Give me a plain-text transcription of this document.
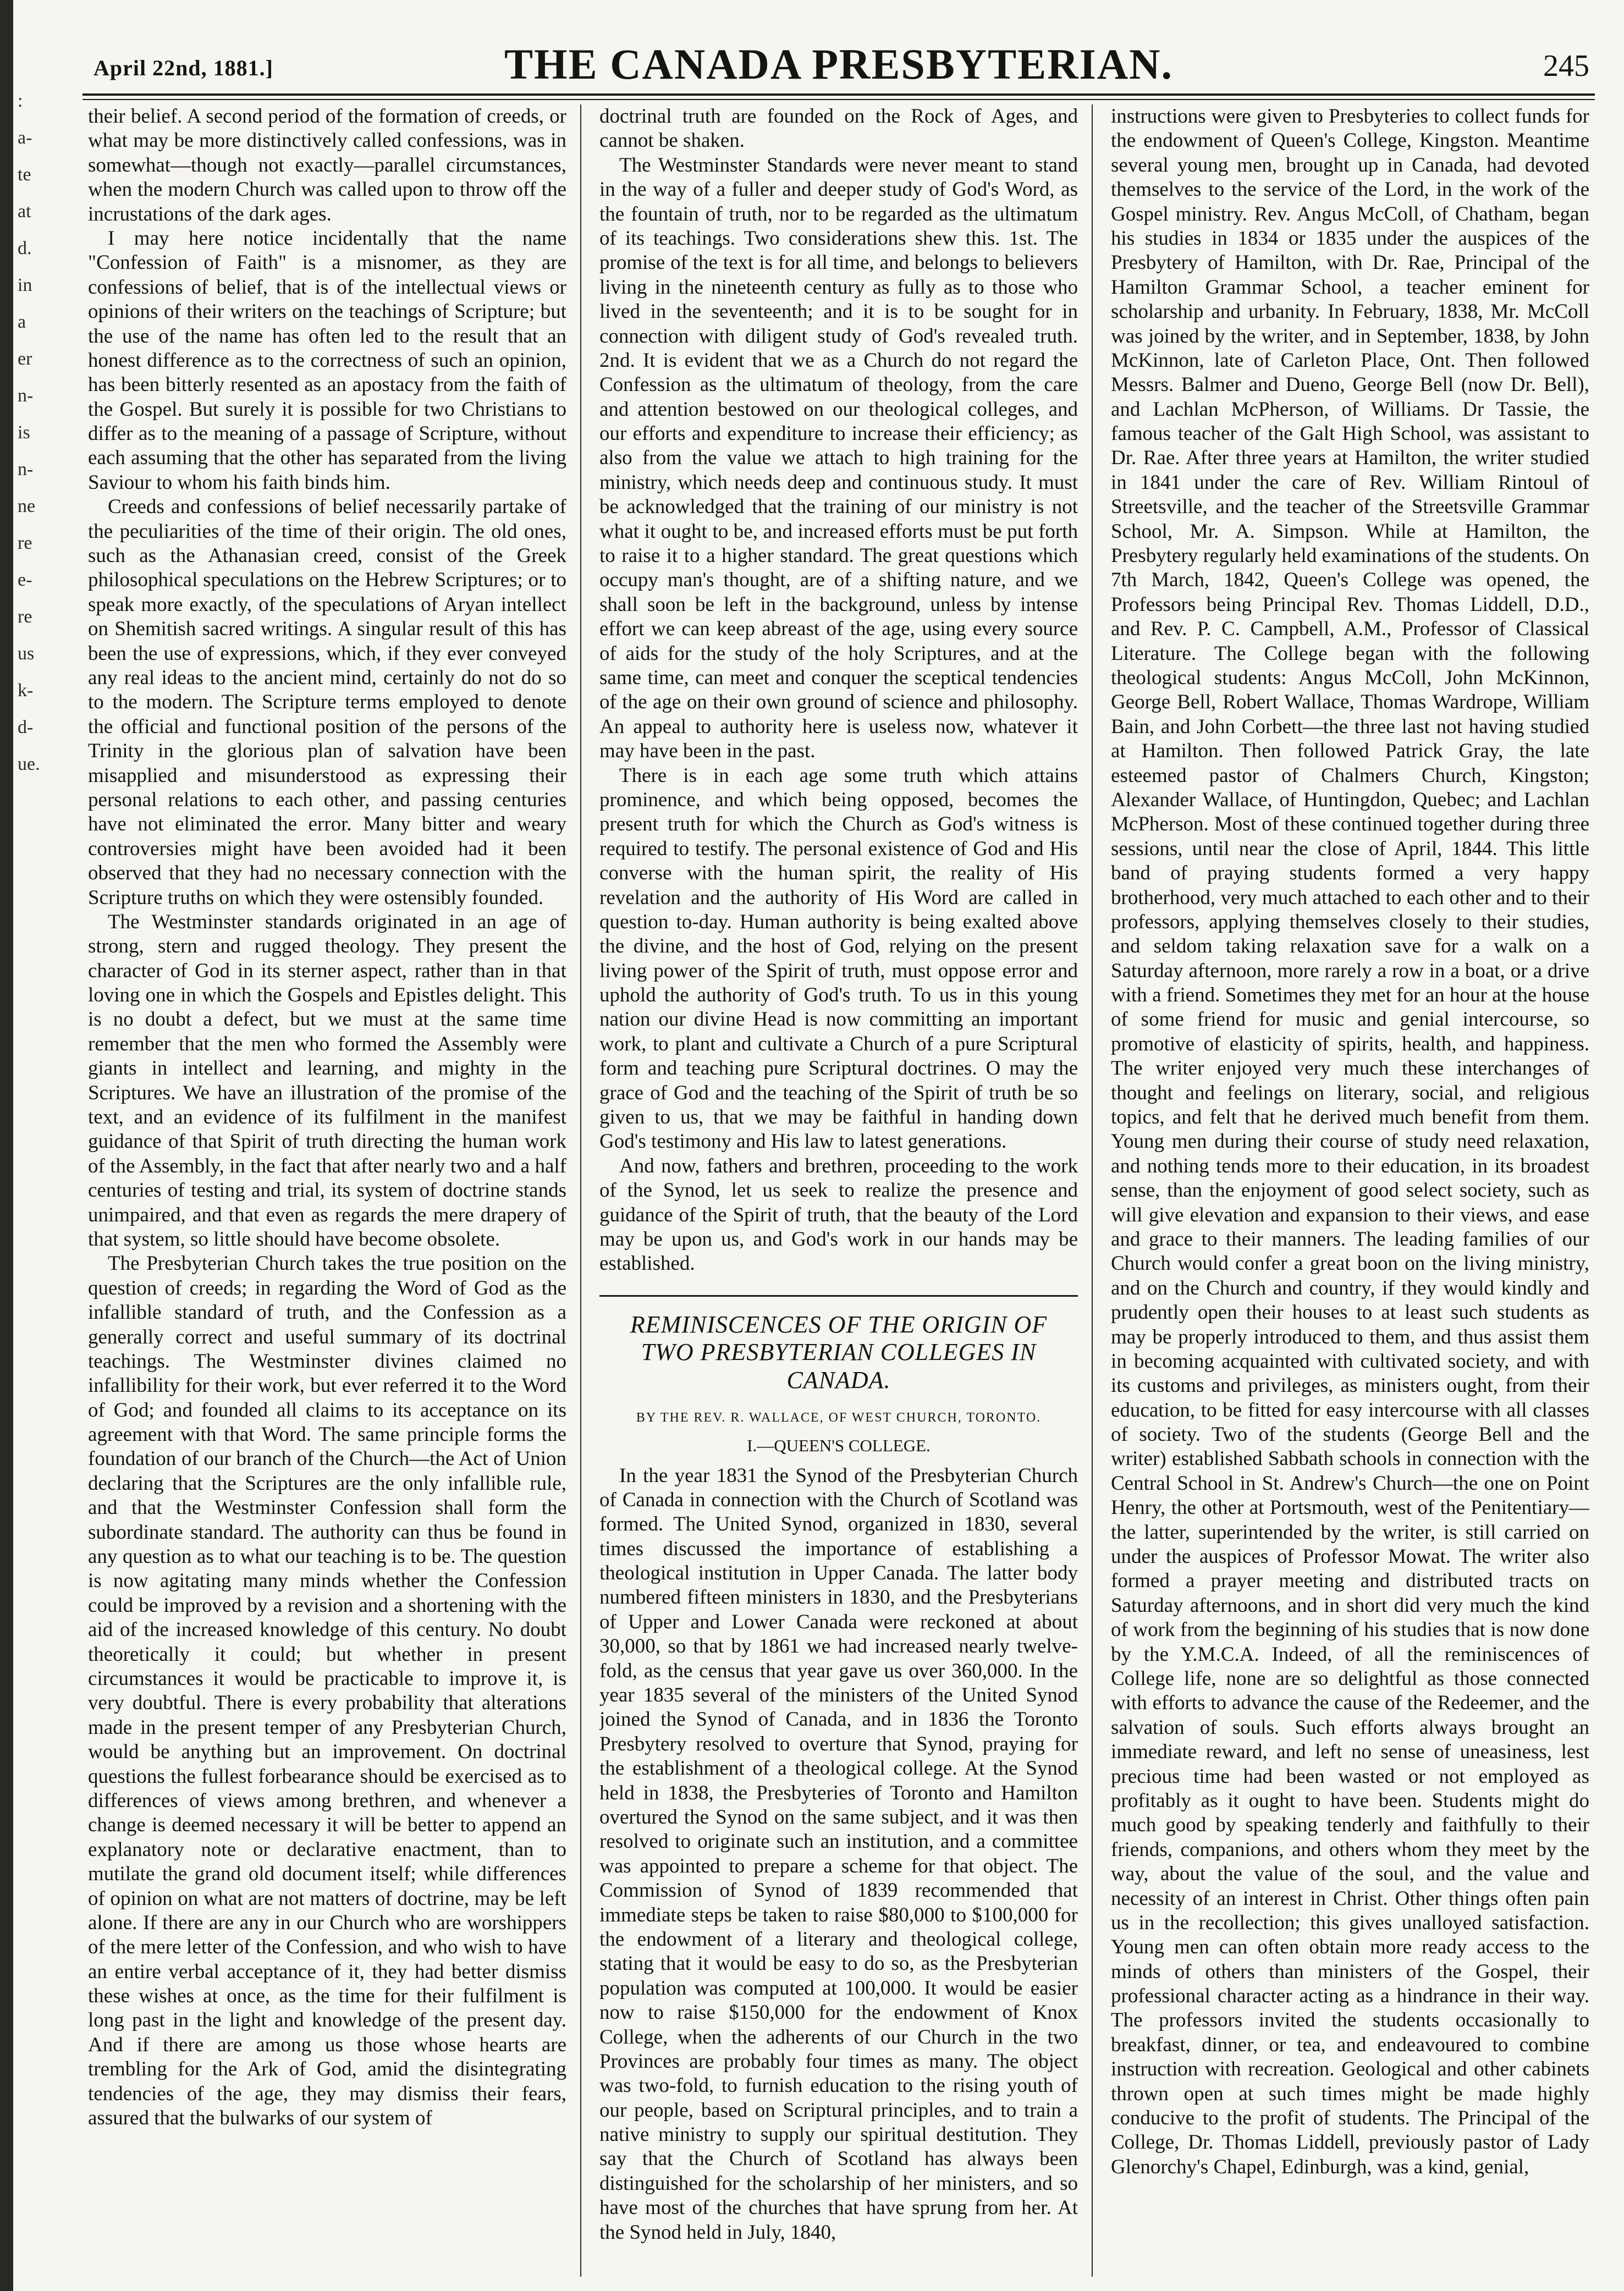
:
a-
te
at
d.
in
a
er
n-
is
n-
ne
re
e-
re
us
k-
d-
ue.
April 22nd, 1881.]	THE CANADA PRESBYTERIAN.	245

their belief. A second period of the formation of creeds, or what may be more distinctively called confessions, was in somewhat—though not exactly—parallel circumstances, when the modern Church was called upon to throw off the incrustations of the dark ages.

I may here notice incidentally that the name "Confession of Faith" is a misnomer, as they are confessions of belief, that is of the intellectual views or opinions of their writers on the teachings of Scripture; but the use of the name has often led to the result that an honest difference as to the correctness of such an opinion, has been bitterly resented as an apostacy from the faith of the Gospel. But surely it is possible for two Christians to differ as to the meaning of a passage of Scripture, without each assuming that the other has separated from the living Saviour to whom his faith binds him.

Creeds and confessions of belief necessarily partake of the peculiarities of the time of their origin. The old ones, such as the Athanasian creed, consist of the Greek philosophical speculations on the Hebrew Scriptures; or to speak more exactly, of the speculations of Aryan intellect on Shemitish sacred writings. A singular result of this has been the use of expressions, which, if they ever conveyed any real ideas to the ancient mind, certainly do not do so to the modern. The Scripture terms employed to denote the official and functional position of the persons of the Trinity in the glorious plan of salvation have been misapplied and misunderstood as expressing their personal relations to each other, and passing centuries have not eliminated the error. Many bitter and weary controversies might have been avoided had it been observed that they had no necessary connection with the Scripture truths on which they were ostensibly founded.

The Westminster standards originated in an age of strong, stern and rugged theology. They present the character of God in its sterner aspect, rather than in that loving one in which the Gospels and Epistles delight. This is no doubt a defect, but we must at the same time remember that the men who formed the Assembly were giants in intellect and learning, and mighty in the Scriptures. We have an illustration of the promise of the text, and an evidence of its fulfilment in the manifest guidance of that Spirit of truth directing the human work of the Assembly, in the fact that after nearly two and a half centuries of testing and trial, its system of doctrine stands unimpaired, and that even as regards the mere drapery of that system, so little should have become obsolete.

The Presbyterian Church takes the true position on the question of creeds; in regarding the Word of God as the infallible standard of truth, and the Confession as a generally correct and useful summary of its doctrinal teachings. The Westminster divines claimed no infallibility for their work, but ever referred it to the Word of God; and founded all claims to its acceptance on its agreement with that Word. The same principle forms the foundation of our branch of the Church—the Act of Union declaring that the Scriptures are the only infallible rule, and that the Westminster Confession shall form the subordinate standard. The authority can thus be found in any question as to what our teaching is to be. The question is now agitating many minds whether the Confession could be improved by a revision and a shortening with the aid of the increased knowledge of this century. No doubt theoretically it could; but whether in present circumstances it would be practicable to improve it, is very doubtful. There is every probability that alterations made in the present temper of any Presbyterian Church, would be anything but an improvement. On doctrinal questions the fullest forbearance should be exercised as to differences of views among brethren, and whenever a change is deemed necessary it will be better to append an explanatory note or declarative enactment, than to mutilate the grand old document itself; while differences of opinion on what are not matters of doctrine, may be left alone. If there are any in our Church who are worshippers of the mere letter of the Confession, and who wish to have an entire verbal acceptance of it, they had better dismiss these wishes at once, as the time for their fulfilment is long past in the light and knowledge of the present day. And if there are among us those whose hearts are trembling for the Ark of God, amid the disintegrating tendencies of the age, they may dismiss their fears, assured that the bulwarks of our system of

doctrinal truth are founded on the Rock of Ages, and cannot be shaken.

The Westminster Standards were never meant to stand in the way of a fuller and deeper study of God's Word, as the fountain of truth, nor to be regarded as the ultimatum of its teachings. Two considerations shew this. 1st. The promise of the text is for all time, and belongs to believers living in the nineteenth century as fully as to those who lived in the seventeenth; and it is to be sought for in connection with diligent study of God's revealed truth. 2nd. It is evident that we as a Church do not regard the Confession as the ultimatum of theology, from the care and attention bestowed on our theological colleges, and our efforts and expenditure to increase their efficiency; as also from the value we attach to high training for the ministry, which needs deep and continuous study. It must be acknowledged that the training of our ministry is not what it ought to be, and increased efforts must be put forth to raise it to a higher standard. The great questions which occupy man's thought, are of a shifting nature, and we shall soon be left in the background, unless by intense effort we can keep abreast of the age, using every source of aids for the study of the holy Scriptures, and at the same time, can meet and conquer the sceptical tendencies of the age on their own ground of science and philosophy. An appeal to authority here is useless now, whatever it may have been in the past.

There is in each age some truth which attains prominence, and which being opposed, becomes the present truth for which the Church as God's witness is required to testify. The personal existence of God and His converse with the human spirit, the reality of His revelation and the authority of His Word are called in question to-day. Human authority is being exalted above the divine, and the host of God, relying on the present living power of the Spirit of truth, must oppose error and uphold the authority of God's truth. To us in this young nation our divine Head is now committing an important work, to plant and cultivate a Church of a pure Scriptural form and teaching pure Scriptural doctrines. O may the grace of God and the teaching of the Spirit of truth be so given to us, that we may be faithful in handing down God's testimony and His law to latest generations.

And now, fathers and brethren, proceeding to the work of the Synod, let us seek to realize the presence and guidance of the Spirit of truth, that the beauty of the Lord may be upon us, and God's work in our hands may be established.

REMINISCENCES OF THE ORIGIN OF TWO PRESBYTERIAN COLLEGES IN CANADA.
BY THE REV. R. WALLACE, OF WEST CHURCH, TORONTO.
I.—QUEEN'S COLLEGE.

In the year 1831 the Synod of the Presbyterian Church of Canada in connection with the Church of Scotland was formed. The United Synod, organized in 1830, several times discussed the importance of establishing a theological institution in Upper Canada. The latter body numbered fifteen ministers in 1830, and the Presbyterians of Upper and Lower Canada were reckoned at about 30,000, so that by 1861 we had increased nearly twelve-fold, as the census that year gave us over 360,000. In the year 1835 several of the ministers of the United Synod joined the Synod of Canada, and in 1836 the Toronto Presbytery resolved to overture that Synod, praying for the establishment of a theological college. At the Synod held in 1838, the Presbyteries of Toronto and Hamilton overtured the Synod on the same subject, and it was then resolved to originate such an institution, and a committee was appointed to prepare a scheme for that object. The Commission of Synod of 1839 recommended that immediate steps be taken to raise $80,000 to $100,000 for the endowment of a literary and theological college, stating that it would be easy to do so, as the Presbyterian population was computed at 100,000. It would be easier now to raise $150,000 for the endowment of Knox College, when the adherents of our Church in the two Provinces are probably four times as many. The object was two-fold, to furnish education to the rising youth of our people, based on Scriptural principles, and to train a native ministry to supply our spiritual destitution. They say that the Church of Scotland has always been distinguished for the scholarship of her ministers, and so have most of the churches that have sprung from her. At the Synod held in July, 1840,

instructions were given to Presbyteries to collect funds for the endowment of Queen's College, Kingston. Meantime several young men, brought up in Canada, had devoted themselves to the service of the Lord, in the work of the Gospel ministry. Rev. Angus McColl, of Chatham, began his studies in 1834 or 1835 under the auspices of the Presbytery of Hamilton, with Dr. Rae, Principal of the Hamilton Grammar School, a teacher eminent for scholarship and urbanity. In February, 1838, Mr. McColl was joined by the writer, and in September, 1838, by John McKinnon, late of Carleton Place, Ont. Then followed Messrs. Balmer and Dueno, George Bell (now Dr. Bell), and Lachlan McPherson, of Williams. Dr Tassie, the famous teacher of the Galt High School, was assistant to Dr. Rae. After three years at Hamilton, the writer studied in 1841 under the care of Rev. William Rintoul of Streetsville, and the teacher of the Streetsville Grammar School, Mr. A. Simpson. While at Hamilton, the Presbytery regularly held examinations of the students. On 7th March, 1842, Queen's College was opened, the Professors being Principal Rev. Thomas Liddell, D.D., and Rev. P. C. Campbell, A.M., Professor of Classical Literature. The College began with the following theological students: Angus McColl, John McKinnon, George Bell, Robert Wallace, Thomas Wardrope, William Bain, and John Corbett—the three last not having studied at Hamilton. Then followed Patrick Gray, the late esteemed pastor of Chalmers Church, Kingston; Alexander Wallace, of Huntingdon, Quebec; and Lachlan McPherson. Most of these continued together during three sessions, until near the close of April, 1844. This little band of praying students formed a very happy brotherhood, very much attached to each other and to their professors, applying themselves closely to their studies, and seldom taking relaxation save for a walk on a Saturday afternoon, more rarely a row in a boat, or a drive with a friend. Sometimes they met for an hour at the house of some friend for music and genial intercourse, so promotive of elasticity of spirits, health, and happiness. The writer enjoyed very much these interchanges of thought and feelings on literary, social, and religious topics, and felt that he derived much benefit from them. Young men during their course of study need relaxation, and nothing tends more to their education, in its broadest sense, than the enjoyment of good select society, such as will give elevation and expansion to their views, and ease and grace to their manners. The leading families of our Church would confer a great boon on the living ministry, and on the Church and country, if they would kindly and prudently open their houses to at least such students as may be properly introduced to them, and thus assist them in becoming acquainted with cultivated society, and with its customs and privileges, as ministers ought, from their education, to be fitted for easy intercourse with all classes of society. Two of the students (George Bell and the writer) established Sabbath schools in connection with the Central School in St. Andrew's Church—the one on Point Henry, the other at Portsmouth, west of the Penitentiary—the latter, superintended by the writer, is still carried on under the auspices of Professor Mowat. The writer also formed a prayer meeting and distributed tracts on Saturday afternoons, and in short did very much the kind of work from the beginning of his studies that is now done by the Y.M.C.A. Indeed, of all the reminiscences of College life, none are so delightful as those connected with efforts to advance the cause of the Redeemer, and the salvation of souls. Such efforts always brought an immediate reward, and left no sense of uneasiness, lest precious time had been wasted or not employed as profitably as it ought to have been. Students might do much good by speaking tenderly and faithfully to their friends, companions, and others whom they meet by the way, about the value of the soul, and the value and necessity of an interest in Christ. Other things often pain us in the recollection; this gives unalloyed satisfaction. Young men can often obtain more ready access to the minds of others than ministers of the Gospel, their professional character acting as a hindrance in their way. The professors invited the students occasionally to breakfast, dinner, or tea, and endeavoured to combine instruction with recreation. Geological and other cabinets thrown open at such times might be made highly conducive to the profit of students. The Principal of the College, Dr. Thomas Liddell, previously pastor of Lady Glenorchy's Chapel, Edinburgh, was a kind, genial,
